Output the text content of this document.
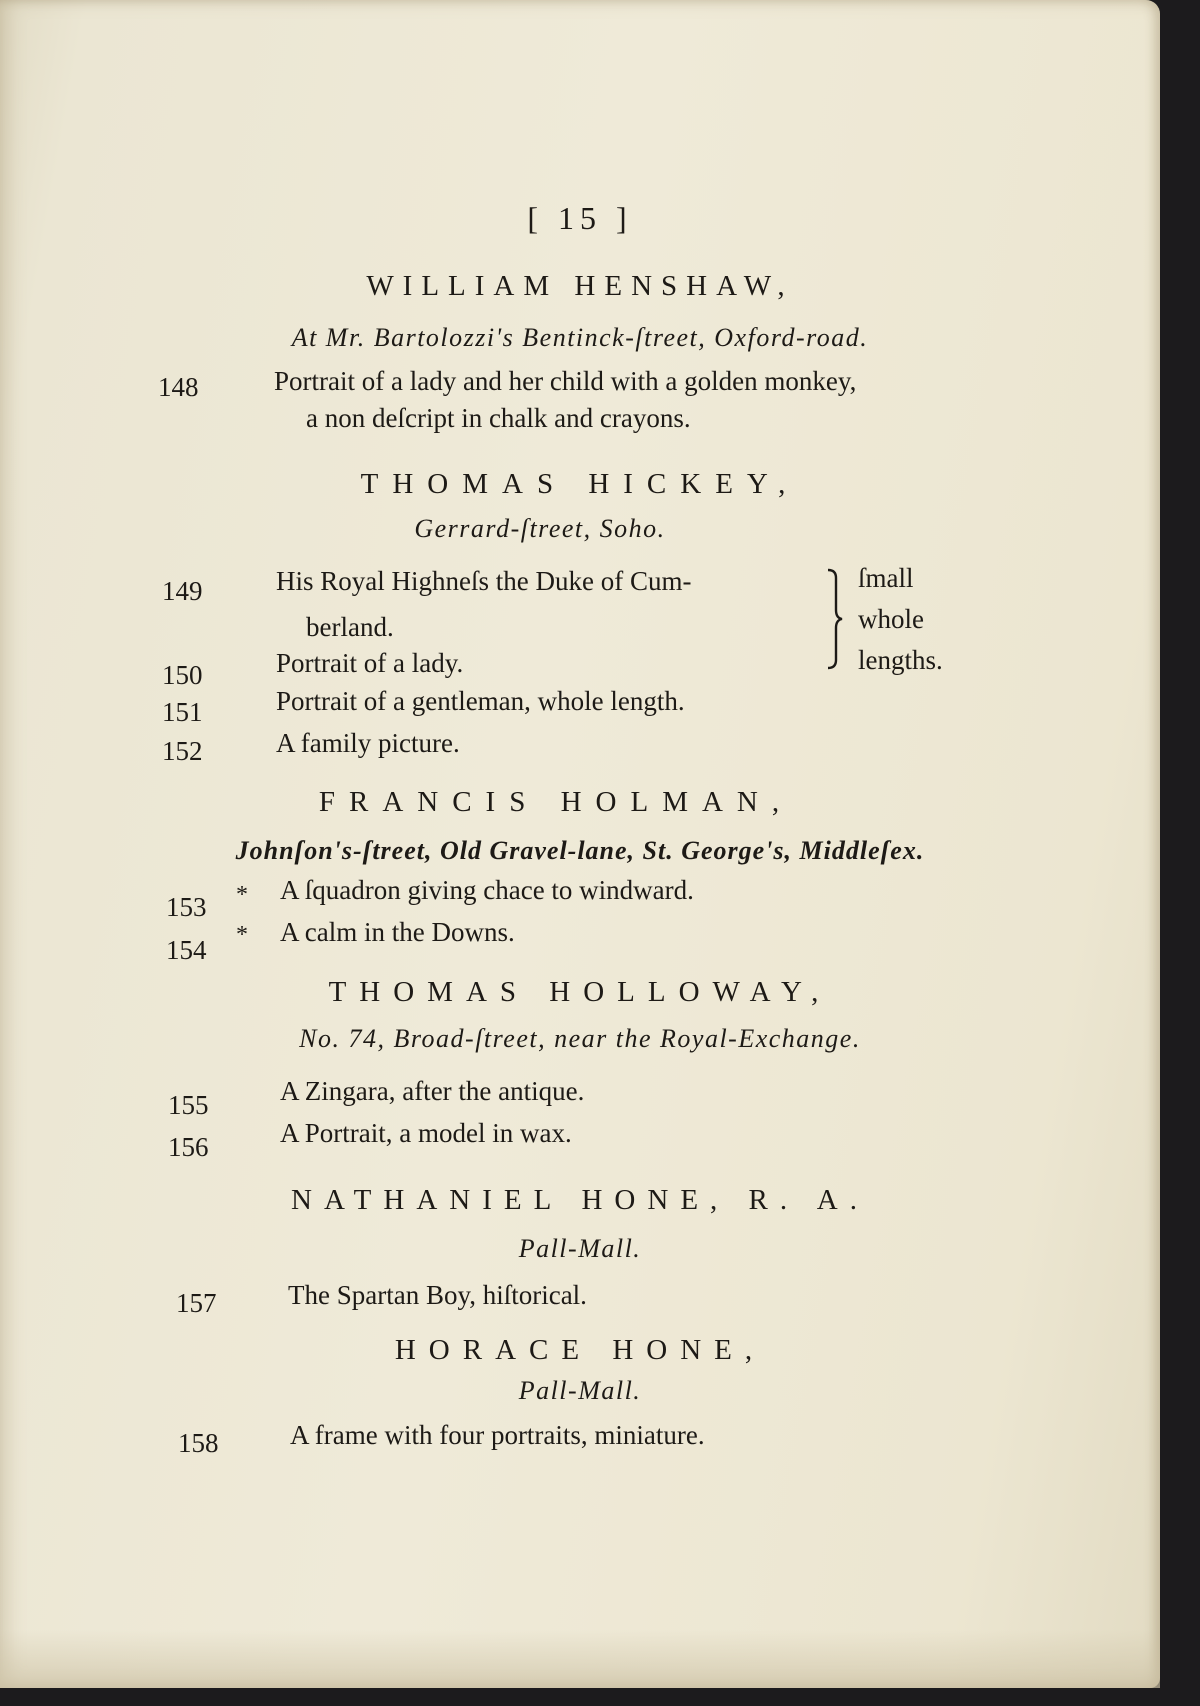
[ 15 ]
WILLIAM HENSHAW,
At Mr. Bartolozzi's Bentinck-ſtreet, Oxford-road.
148	Portrait of a lady and her child with a golden monkey,
a non deſcript in chalk and crayons.
THOMAS HICKEY,
Gerrard-ſtreet, Soho.
149	His Royal Highneſs the Duke of Cum-
berland.
150	Portrait of a lady.
151	Portrait of a gentleman, whole length.
152	A family picture.
ſmall
whole
lengths.
FRANCIS HOLMAN,
Johnſon's-ſtreet, Old Gravel-lane, St. George's, Middleſex.
153 * A ſquadron giving chace to windward.
154 * A calm in the Downs.
THOMAS HOLLOWAY,
No. 74, Broad-ſtreet, near the Royal-Exchange.
155	A Zingara, after the antique.
156	A Portrait, a model in wax.
NATHANIEL HONE, R. A.
Pall-Mall.
157	The Spartan Boy, hiſtorical.
HORACE HONE,
Pall-Mall.
158	A frame with four portraits, miniature.
